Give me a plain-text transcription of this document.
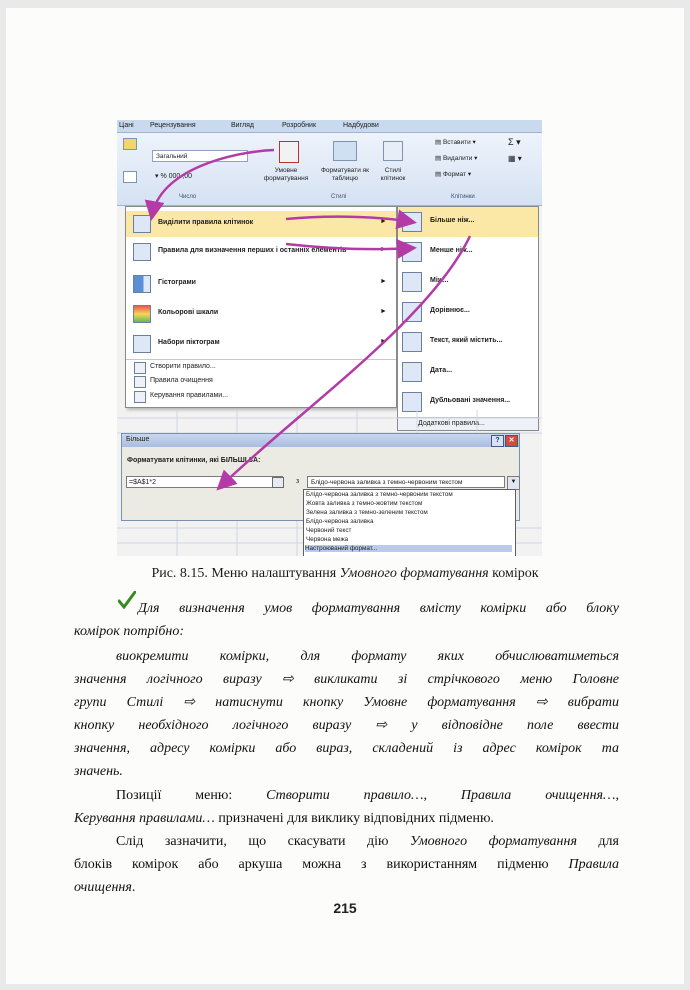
Цані Рецензування	Вигляд	Розробник	Надбудови
Загальний
▾ % 000 ,00
Умовне форматування
Форматувати як таблицю
Стилі клітинок
▤ Вставити ▾
▤ Видалити ▾
▤ Формат ▾
Σ ▾
▦ ▾
Число	Стилі	Клітинки
Виділити правила клітинок	►
Правила для визначення перших і останніх елементів	►
Гістограми	►
Кольорові шкали	►
Набори піктограм	►
Створити правило...
Правила очищення
Керування правилами...
Більше ніж...
Менше ніж...
Між...
Дорівнює...
Текст, який містить...
Дата...
Дубльовані значення...
Додаткові правила...
Більше	?	✕
Форматувати клітинки, які БІЛЬШІ ЗА:
=$A$1*2	з	Блідо-червона заливка з темно-червоним текстом	▼
Блідо-червона заливка з темно-червоним текстом
Жовта заливка з темно-жовтим текстом
Зелена заливка з темно-зеленим текстом
Блідо-червона заливка
Червоний текст
Червона межа
Настроюваний формат...
Рис. 8.15. Меню налаштування Умовного форматування комірок
Для визначення умов форматування вмісту комірки або блоку
комірок потрібно:
виокремити комірки, для формату яких обчислюватиметься
значення логічного виразу ⇨ викликати зі стрічкового меню Головне
групи Стилі ⇨ натиснути кнопку Умовне форматування ⇨ вибрати
кнопку необхідного логічного виразу ⇨ у відповідне поле ввести
значення, адресу комірки або вираз, складений із адрес комірок та
значень.
Позиції меню: Створити правило…, Правила очищення…,
Керування правилами… призначені для виклику відповідних підменю.
Слід зазначити, що скасувати дію Умовного форматування для
блоків комірок або аркуша можна з використанням підменю Правила
очищення.
215
